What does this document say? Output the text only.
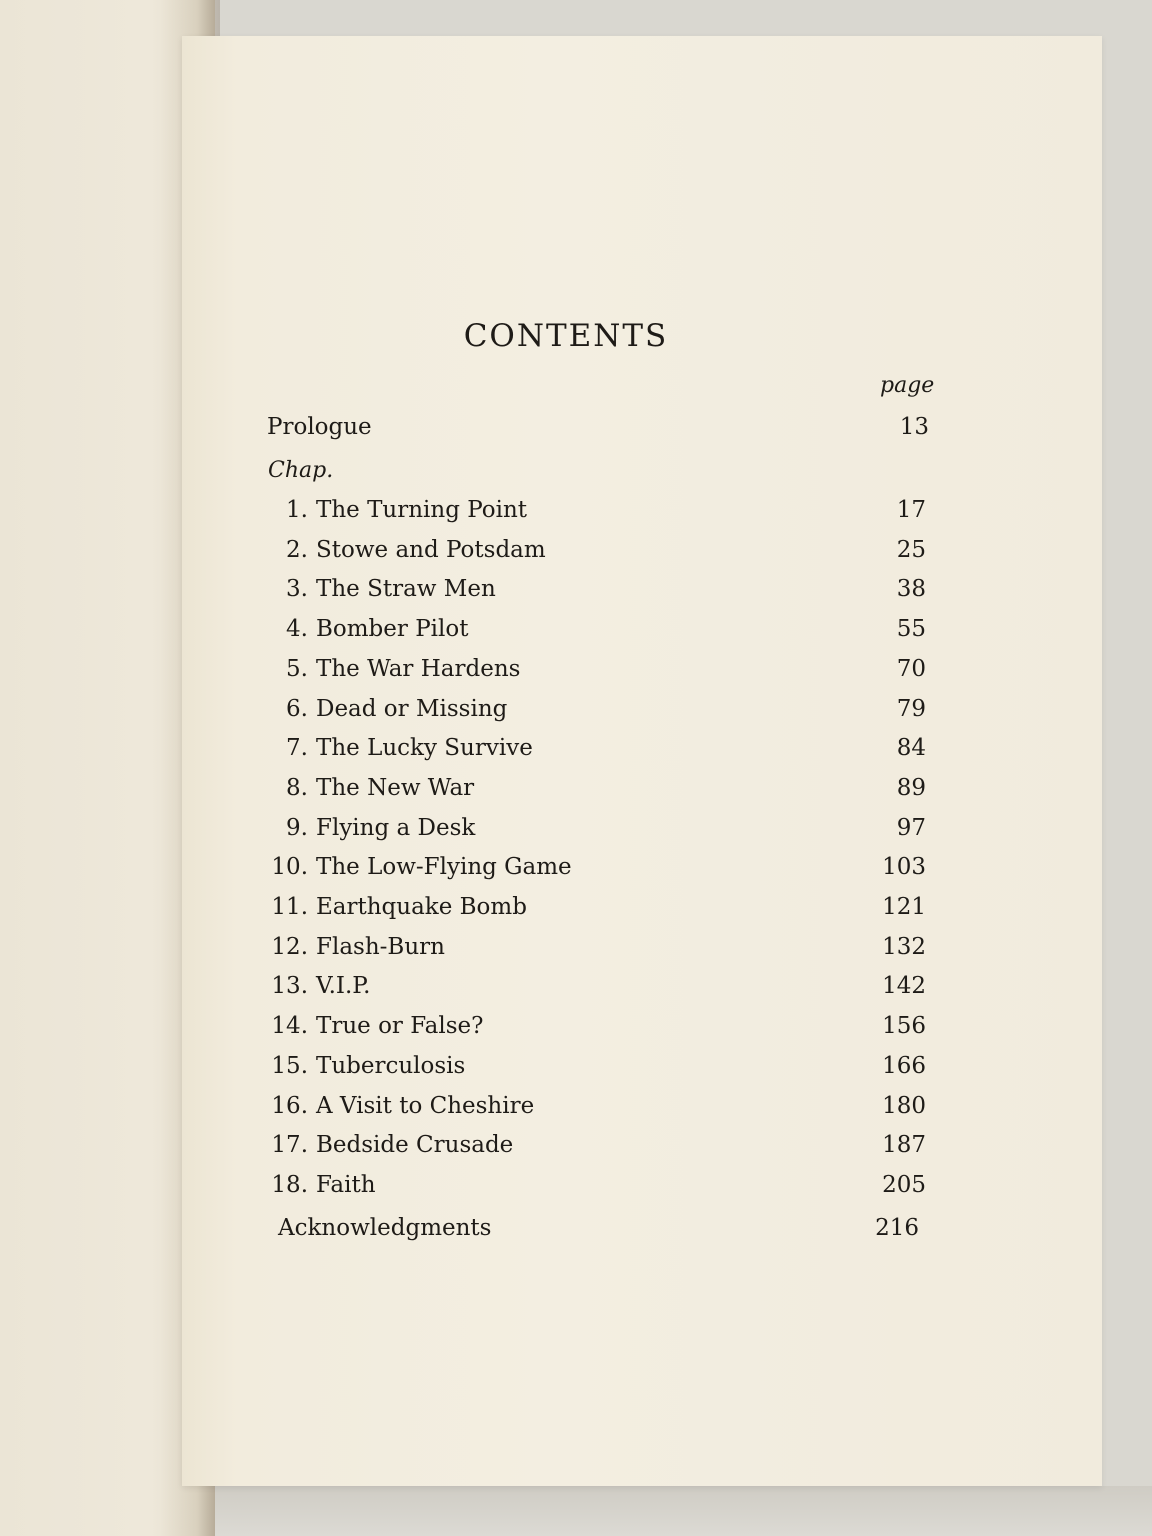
CONTENTS
page
Prologue	13
Chap.
1. The Turning Point	17
2. Stowe and Potsdam	25
3. The Straw Men	38
4. Bomber Pilot	55
5. The War Hardens	70
6. Dead or Missing	79
7. The Lucky Survive	84
8. The New War	89
9. Flying a Desk	97
10. The Low-Flying Game	103
11. Earthquake Bomb	121
12. Flash-Burn	132
13. V.I.P.	142
14. True or False?	156
15. Tuberculosis	166
16. A Visit to Cheshire	180
17. Bedside Crusade	187
18. Faith	205
Acknowledgments	216
